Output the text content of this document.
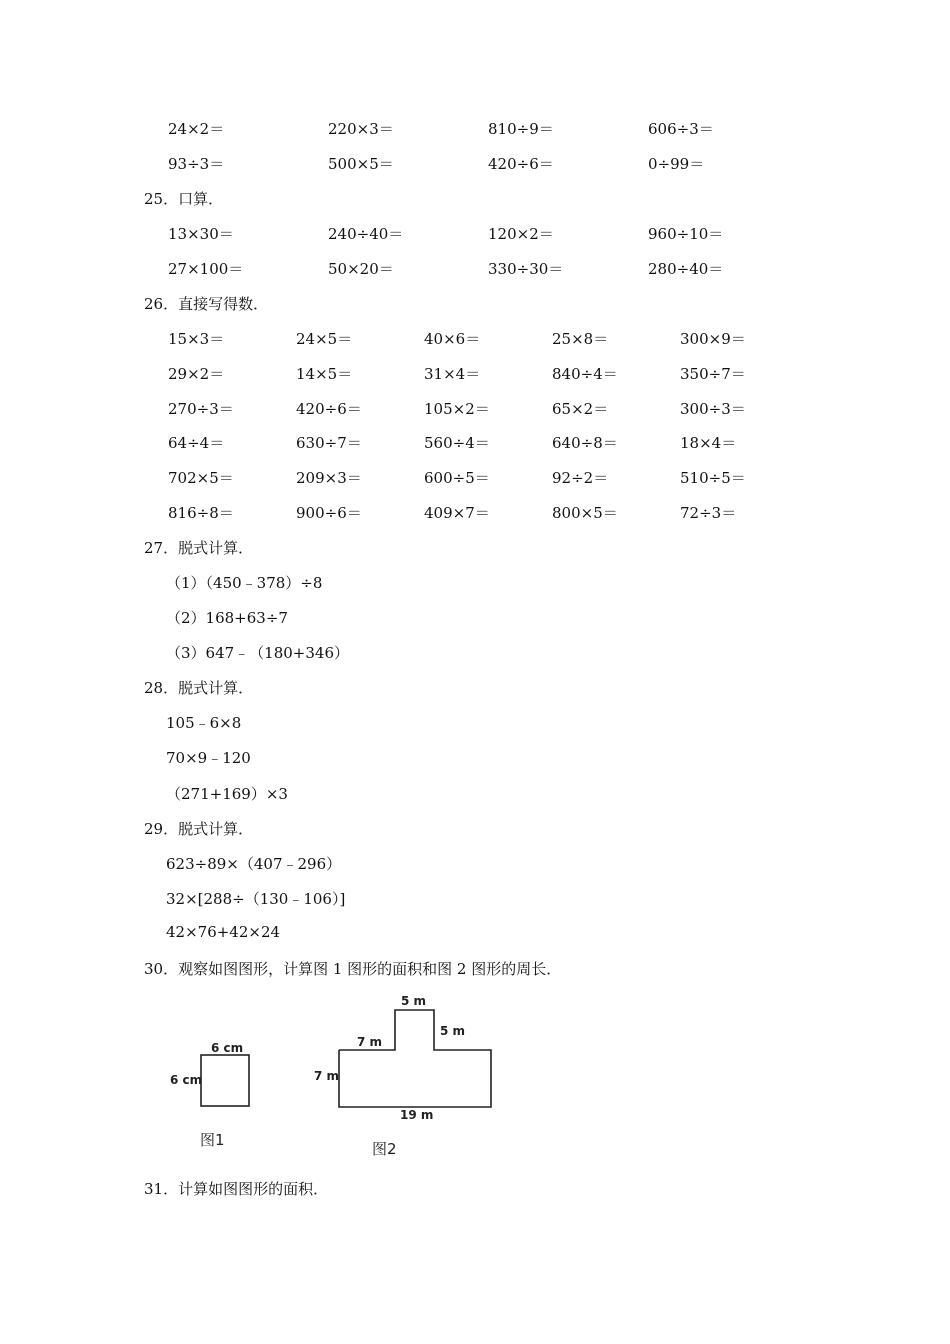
24×2＝	220×3＝	810÷9＝	606÷3＝
93÷3＝	500×5＝	420÷6＝	0÷99＝
25．口算．
13×30＝	240÷40＝	120×2＝	960÷10＝
27×100＝	50×20＝	330÷30＝	280÷40＝
26．直接写得数．
15×3＝	24×5＝	40×6＝	25×8＝	300×9＝
29×2＝	14×5＝	31×4＝	840÷4＝	350÷7＝
270÷3＝	420÷6＝	105×2＝	65×2＝	300÷3＝
64÷4＝	630÷7＝	560÷4＝	640÷8＝	18×4＝
702×5＝	209×3＝	600÷5＝	92÷2＝	510÷5＝
816÷8＝	900÷6＝	409×7＝	800×5＝	72÷3＝
27．脱式计算．
（1）（450﹣378）÷8
（2）168+63÷7
（3）647﹣（180+346）
28．脱式计算．
105﹣6×8
70×9﹣120
（271+169）×3
29．脱式计算．
623÷89×（407﹣296）
32×[288÷（130﹣106）]
42×76+42×24
30．观察如图图形，计算图 1 图形的面积和图 2 图形的周长．
6 cm
6 cm
图1
5 m
5 m
7 m
7 m
19 m
图2
31．计算如图图形的面积．
